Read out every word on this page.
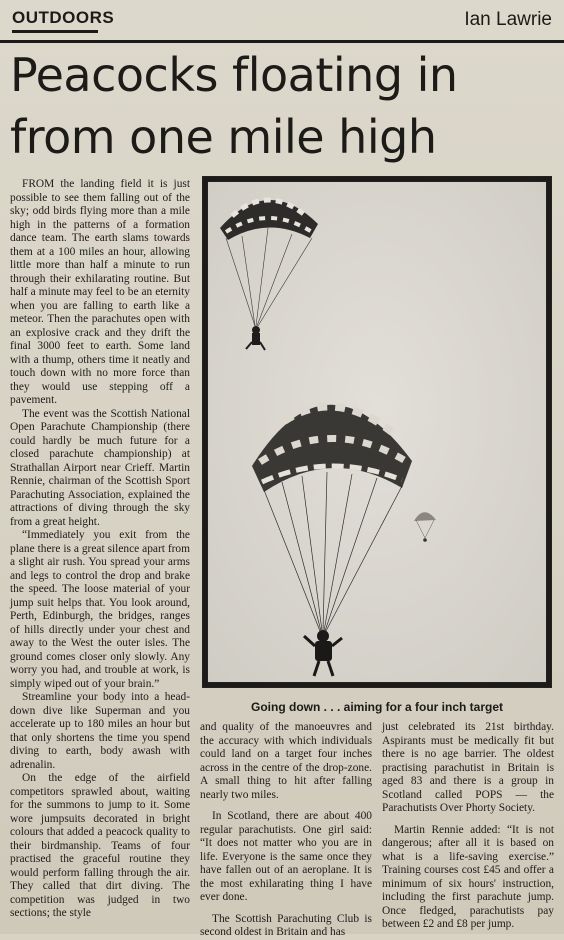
OUTDOORS	Ian Lawrie
Peacocks floating in
from one mile high

FROM the landing field it is just possible to see them falling out of the sky; odd birds flying more than a mile high in the patterns of a formation dance team. The earth slams towards them at a 100 miles an hour, allowing little more than half a minute to run through their exhilarating routine. But half a minute may feel to be an eternity when you are falling to earth like a meteor. Then the parachutes open with an explosive crack and they drift the final 3000 feet to earth. Some land with a thump, others time it neatly and touch down with no more force than they would use stepping off a pavement.

The event was the Scottish National Open Parachute Championship (there could hardly be much future for a closed parachute championship) at Strathallan Airport near Crieff. Martin Rennie, chairman of the Scottish Sport Parachuting Association, explained the attractions of diving through the sky from a great height.

“Immediately you exit from the plane there is a great silence apart from a slight air rush. You spread your arms and legs to control the drop and brake the speed. The loose material of your jump suit helps that. You look around, Perth, Edinburgh, the bridges, ranges of hills directly under your chest and away to the West the outer isles. The ground comes closer only slowly. Any worry you had, and trouble at work, is simply wiped out of your brain.”

Streamline your body into a head-down dive like Superman and you accelerate up to 180 miles an hour but that only shortens the time you spend diving to earth, body awash with adrenalin.

On the edge of the airfield competitors sprawled about, waiting for the summons to jump to it. Some wore jumpsuits decorated in bright colours that added a peacock quality to their birdmanship. Teams of four practised the graceful routine they would perform falling through the air. They called that dirt diving. The competition was judged in two sections; the style

Going down . . . aiming for a four inch target

and quality of the manoeuvres and the accuracy with which individuals could land on a target four inches across in the centre of the drop-zone. A small thing to hit after falling nearly two miles.

In Scotland, there are about 400 regular parachutists. One girl said: “It does not matter who you are in life. Everyone is the same once they have fallen out of an aeroplane. It is the most exhilarating thing I have ever done.

The Scottish Parachuting Club is second oldest in Britain and has

just celebrated its 21st birthday. Aspirants must be medically fit but there is no age barrier. The oldest practising parachutist in Britain is aged 83 and there is a group in Scotland called POPS — the Parachutists Over Phorty Society.

Martin Rennie added: “It is not dangerous; after all it is based on what is a life-saving exercise.” Training courses cost £45 and offer a minimum of six hours' instruction, including the first parachute jump. Once fledged, parachutists pay between £2 and £8 per jump.
